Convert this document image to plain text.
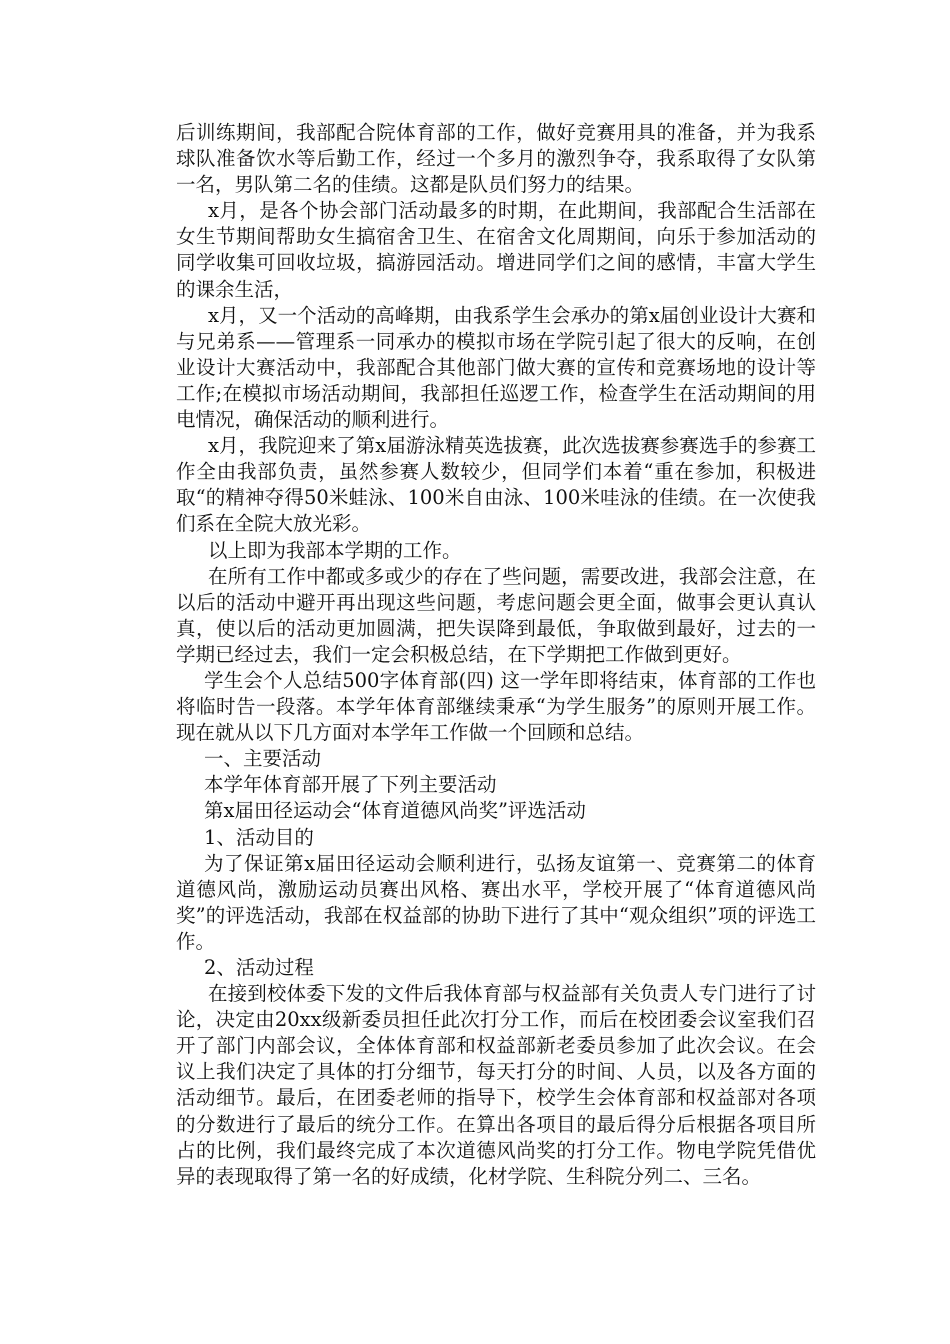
后训练期间，我部配合院体育部的工作，做好竞赛用具的准备，并为我系球队准备饮水等后勤工作，经过一个多月的激烈争夺，我系取得了女队第一名，男队第二名的佳绩。这都是队员们努力的结果。

x月，是各个协会部门活动最多的时期，在此期间，我部配合生活部在女生节期间帮助女生搞宿舍卫生、在宿舍文化周期间，向乐于参加活动的同学收集可回收垃圾，搞游园活动。增进同学们之间的感情，丰富大学生的课余生活，

x月，又一个活动的高峰期，由我系学生会承办的第x届创业设计大赛和与兄弟系——管理系一同承办的模拟市场在学院引起了很大的反响，在创业设计大赛活动中，我部配合其他部门做大赛的宣传和竞赛场地的设计等工作;在模拟市场活动期间，我部担任巡逻工作，检查学生在活动期间的用电情况，确保活动的顺利进行。

x月，我院迎来了第x届游泳精英选拔赛，此次选拔赛参赛选手的参赛工作全由我部负责，虽然参赛人数较少，但同学们本着“重在参加，积极进取“的精神夺得50米蛙泳、100米自由泳、100米哇泳的佳绩。在一次使我们系在全院大放光彩。

以上即为我部本学期的工作。

在所有工作中都或多或少的存在了些问题，需要改进，我部会注意，在以后的活动中避开再出现这些问题，考虑问题会更全面，做事会更认真认真，使以后的活动更加圆满，把失误降到最低，争取做到最好，过去的一学期已经过去，我们一定会积极总结，在下学期把工作做到更好。

学生会个人总结500字体育部(四) 这一学年即将结束，体育部的工作也将临时告一段落。本学年体育部继续秉承“为学生服务”的原则开展工作。现在就从以下几方面对本学年工作做一个回顾和总结。

一、主要活动

本学年体育部开展了下列主要活动

第x届田径运动会“体育道德风尚奖”评选活动

1、活动目的

为了保证第x届田径运动会顺利进行，弘扬友谊第一、竞赛第二的体育道德风尚，激励运动员赛出风格、赛出水平，学校开展了“体育道德风尚奖”的评选活动，我部在权益部的协助下进行了其中“观众组织”项的评选工作。

2、活动过程

在接到校体委下发的文件后我体育部与权益部有关负责人专门进行了讨论，决定由20xx级新委员担任此次打分工作，而后在校团委会议室我们召开了部门内部会议，全体体育部和权益部新老委员参加了此次会议。在会议上我们决定了具体的打分细节，每天打分的时间、人员，以及各方面的活动细节。最后，在团委老师的指导下，校学生会体育部和权益部对各项的分数进行了最后的统分工作。在算出各项目的最后得分后根据各项目所占的比例，我们最终完成了本次道德风尚奖的打分工作。物电学院凭借优异的表现取得了第一名的好成绩，化材学院、生科院分列二、三名。
